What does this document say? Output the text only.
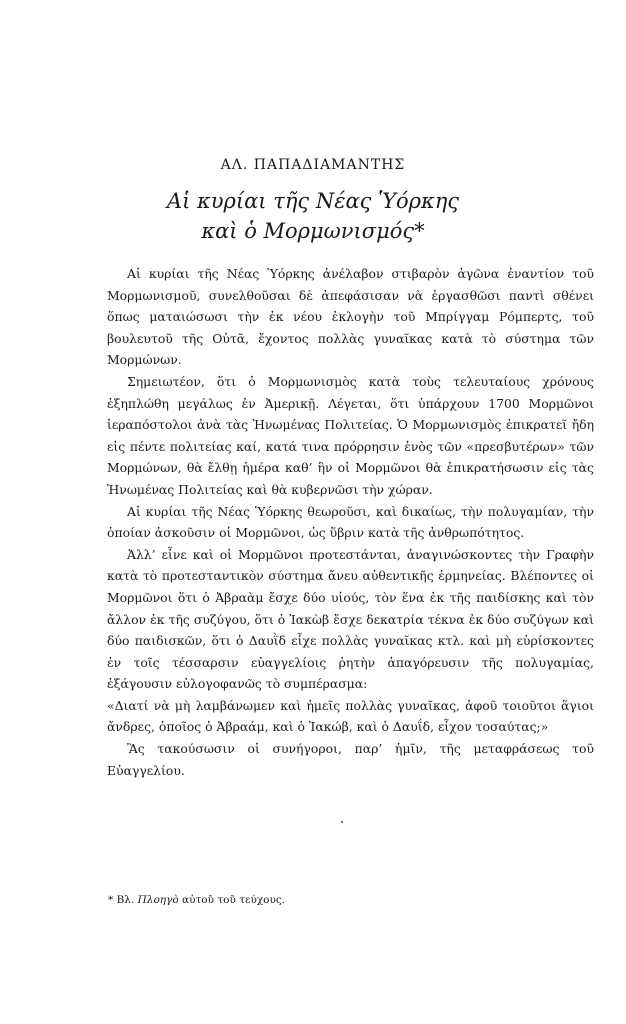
ΑΛ. ΠΑΠΑΔΙΑΜΑΝΤΗΣ
Αἱ κυρίαι τῆς Νέας Ὑόρκης
καὶ ὁ Μορμωνισμός*

Αἱ κυρίαι τῆς Νέας Ὑόρκης ἀνέλαβον στιβαρὸν ἀγῶνα ἐναντίον τοῦ Μορμωνισμοῦ, συνελθοῦσαι δὲ ἀπεφάσισαν νὰ ἐργασθῶσι παντὶ σθένει ὅπως ματαιώσωσι τὴν ἐκ νέου ἐκλογὴν τοῦ Μπρίγγαμ Ρόμπερτς, τοῦ βουλευτοῦ τῆς Οὐτᾶ, ἔχοντος πολλὰς γυναῖκας κατὰ τὸ σύστημα τῶν Μορμώνων.

Σημειωτέον, ὅτι ὁ Μορμωνισμὸς κατὰ τοὺς τελευταίους χρόνους ἐξηπλώθη μεγάλως ἐν Ἀμερικῇ. Λέγεται, ὅτι ὑπάρχουν 1700 Μορμῶνοι ἱεραπόστολοι ἀνὰ τὰς Ἡνωμένας Πολιτείας. Ὁ Μορμωνισμὸς ἐπικρατεῖ ἤδη εἰς πέντε πολιτείας καί, κατά τινα πρόρρησιν ἑνὸς τῶν «πρεσβυτέρων» τῶν Μορμώνων, θὰ ἔλθῃ ἡμέρα καθ’ ἣν οἱ Μορμῶνοι θὰ ἐπικρατήσωσιν εἰς τὰς Ἡνωμένας Πολιτείας καὶ θὰ κυβερνῶσι τὴν χώραν.

Αἱ κυρίαι τῆς Νέας Ὑόρκης θεωροῦσι, καὶ δικαίως, τὴν πολυγαμίαν, τὴν ὁποίαν ἀσκοῦσιν οἱ Μορμῶνοι, ὡς ὕβριν κατὰ τῆς ἀνθρωπότητος.

Ἀλλ’ εἶνε καὶ οἱ Μορμῶνοι προτεστάνται, ἀναγινώσκοντες τὴν Γραφὴν κατὰ τὸ προτεσταντικὸν σύστημα ἄνευ αὐθεντικῆς ἑρμηνείας. Βλέποντες οἱ Μορμῶνοι ὅτι ὁ Ἀβραὰμ ἔσχε δύο υἱούς, τὸν ἕνα ἐκ τῆς παιδίσκης καὶ τὸν ἄλλον ἐκ τῆς συζύγου, ὅτι ὁ Ἰακὼβ ἔσχε δεκατρία τέκνα ἐκ δύο συζύγων καὶ δύο παιδισκῶν, ὅτι ὁ Δαυῒδ εἶχε πολλὰς γυναῖκας κτλ. καὶ μὴ εὑρίσκοντες ἐν τοῖς τέσσαρσιν εὐαγγελίοις ῥητὴν ἀπαγόρευσιν τῆς πολυγαμίας, ἐξάγουσιν εὐλογοφανῶς τὸ συμπέρασμα:

«Διατί νὰ μὴ λαμβάνωμεν καὶ ἡμεῖς πολλὰς γυναῖκας, ἀφοῦ τοιοῦτοι ἅγιοι ἄνδρες, ὁποῖος ὁ Ἀβραάμ, καὶ ὁ Ἰακώβ, καὶ ὁ Δαυΐδ, εἶχον τοσαύτας;»

Ἂς τακούσωσιν οἱ συνήγοροι, παρ’ ἡμῖν, τῆς μεταφράσεως τοῦ Εὐαγγελίου.

* Βλ. Πλοηγὸ αὐτοῦ τοῦ τεύχους.
